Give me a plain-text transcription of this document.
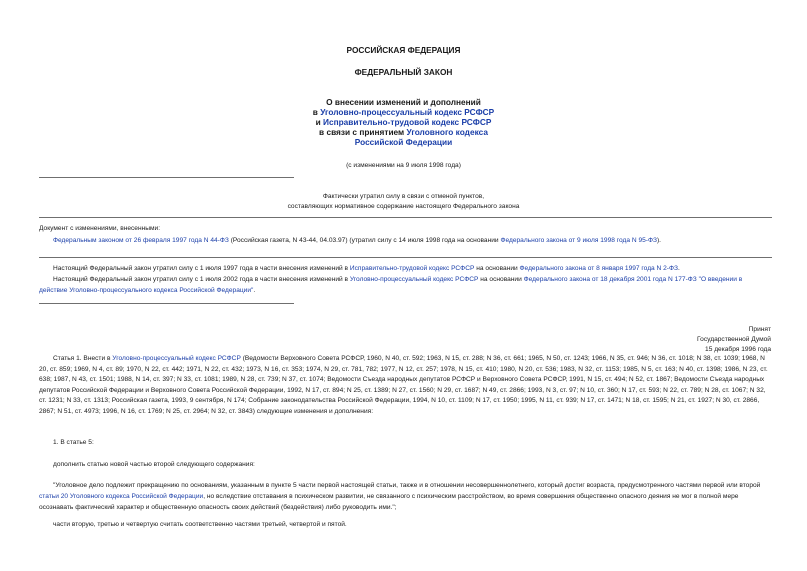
РОССИЙСКАЯ ФЕДЕРАЦИЯ
ФЕДЕРАЛЬНЫЙ ЗАКОН
О внесении изменений и дополнений
в Уголовно-процессуальный кодекс РСФСР
и Исправительно-трудовой кодекс РСФСР
в связи с принятием Уголовного кодекса
Российской Федерации
(с изменениями на 9 июля 1998 года)
Фактически утратил силу в связи с отменой пунктов,
составляющих нормативное содержание настоящего Федерального закона
Документ с изменениями, внесенными:
Федеральным законом от 26 февраля 1997 года N 44-ФЗ (Российская газета, N 43-44, 04.03.97) (утратил силу с 14 июля 1998 года на основании Федерального закона от 9 июля 1998 года N 95-ФЗ).
Настоящий Федеральный закон утратил силу с 1 июля 1997 года в части внесения изменений в Исправительно-трудовой кодекс РСФСР на основании Федерального закона от 8 января 1997 года N 2-ФЗ.
Настоящий Федеральный закон утратил силу с 1 июля 2002 года в части внесения изменений в Уголовно-процессуальный кодекс РСФСР на основании Федерального закона от 18 декабря 2001 года N 177-ФЗ "О введении в действие Уголовно-процессуального кодекса Российской Федерации".
Принят
Государственной Думой
15 декабря 1996 года
Статья 1. Внести в Уголовно-процессуальный кодекс РСФСР (Ведомости Верховного Совета РСФСР, 1960, N 40, ст. 592; 1963, N 15, ст. 288; N 36, ст. 661; 1965, N 50, ст. 1243; 1966, N 35, ст. 946; N 36, ст. 1018; N 38, ст. 1039; 1968, N 20, ст. 859; 1969, N 4, ст. 89; 1970, N 22, ст. 442; 1971, N 22, ст. 432; 1973, N 16, ст. 353; 1974, N 29, ст. 781, 782; 1977, N 12, ст. 257; 1978, N 15, ст. 410; 1980, N 20, ст. 536; 1983, N 32, ст. 1153; 1985, N 5, ст. 163; N 40, ст. 1398; 1986, N 23, ст. 638; 1987, N 43, ст. 1501; 1988, N 14, ст. 397; N 33, ст. 1081; 1989, N 28, ст. 739; N 37, ст. 1074; Ведомости Съезда народных депутатов РСФСР и Верховного Совета РСФСР, 1991, N 15, ст. 494; N 52, ст. 1867; Ведомости Съезда народных депутатов Российской Федерации и Верховного Совета Российской Федерации, 1992, N 17, ст. 894; N 25, ст. 1389; N 27, ст. 1560; N 29, ст. 1687; N 49, ст. 2866; 1993, N 3, ст. 97; N 10, ст. 360; N 17, ст. 593; N 22, ст. 789; N 28, ст. 1067; N 32, ст. 1231; N 33, ст. 1313; Российская газета, 1993, 9 сентября, N 174; Собрание законодательства Российской Федерации, 1994, N 10, ст. 1109; N 17, ст. 1950; 1995, N 11, ст. 939; N 17, ст. 1471; N 18, ст. 1595; N 21, ст. 1927; N 30, ст. 2866, 2867; N 51, ст. 4973; 1996, N 16, ст. 1769; N 25, ст. 2964; N 32, ст. 3843) следующие изменения и дополнения:
1. В статье 5:
дополнить статью новой частью второй следующего содержания:
"Уголовное дело подлежит прекращению по основаниям, указанным в пункте 5 части первой настоящей статьи, также и в отношении несовершеннолетнего, который достиг возраста, предусмотренного частями первой или второй статьи 20 Уголовного кодекса Российской Федерации, но вследствие отставания в психическом развитии, не связанного с психическим расстройством, во время совершения общественно опасного деяния не мог в полной мере осознавать фактический характер и общественную опасность своих действий (бездействия) либо руководить ими.";
части вторую, третью и четвертую считать соответственно частями третьей, четвертой и пятой.
